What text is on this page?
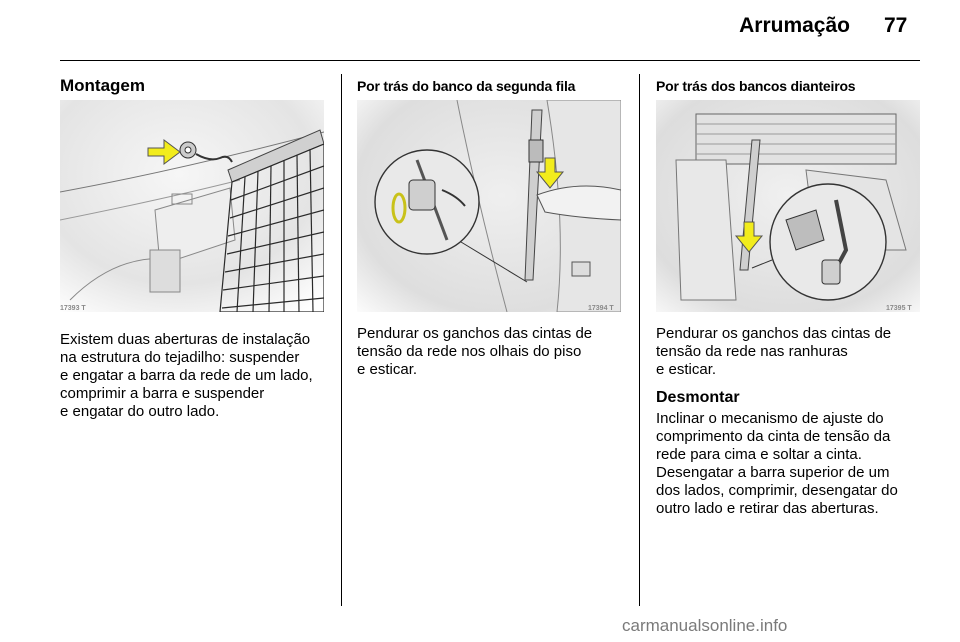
Arrumação 77
Montagem
17393 T
Existem duas aberturas de instalação
na estrutura do tejadilho: suspender
e engatar a barra da rede de um lado,
comprimir a barra e suspender
e engatar do outro lado.
Por trás do banco da segunda fila
17394 T
Pendurar os ganchos das cintas de
tensão da rede nos olhais do piso
e esticar.
Por trás dos bancos dianteiros
17395 T
Pendurar os ganchos das cintas de
tensão da rede nas ranhuras
e esticar.
Desmontar
Inclinar o mecanismo de ajuste do
comprimento da cinta de tensão da
rede para cima e soltar a cinta.
Desengatar a barra superior de um
dos lados, comprimir, desengatar do
outro lado e retirar das aberturas.
carmanualsonline.info
